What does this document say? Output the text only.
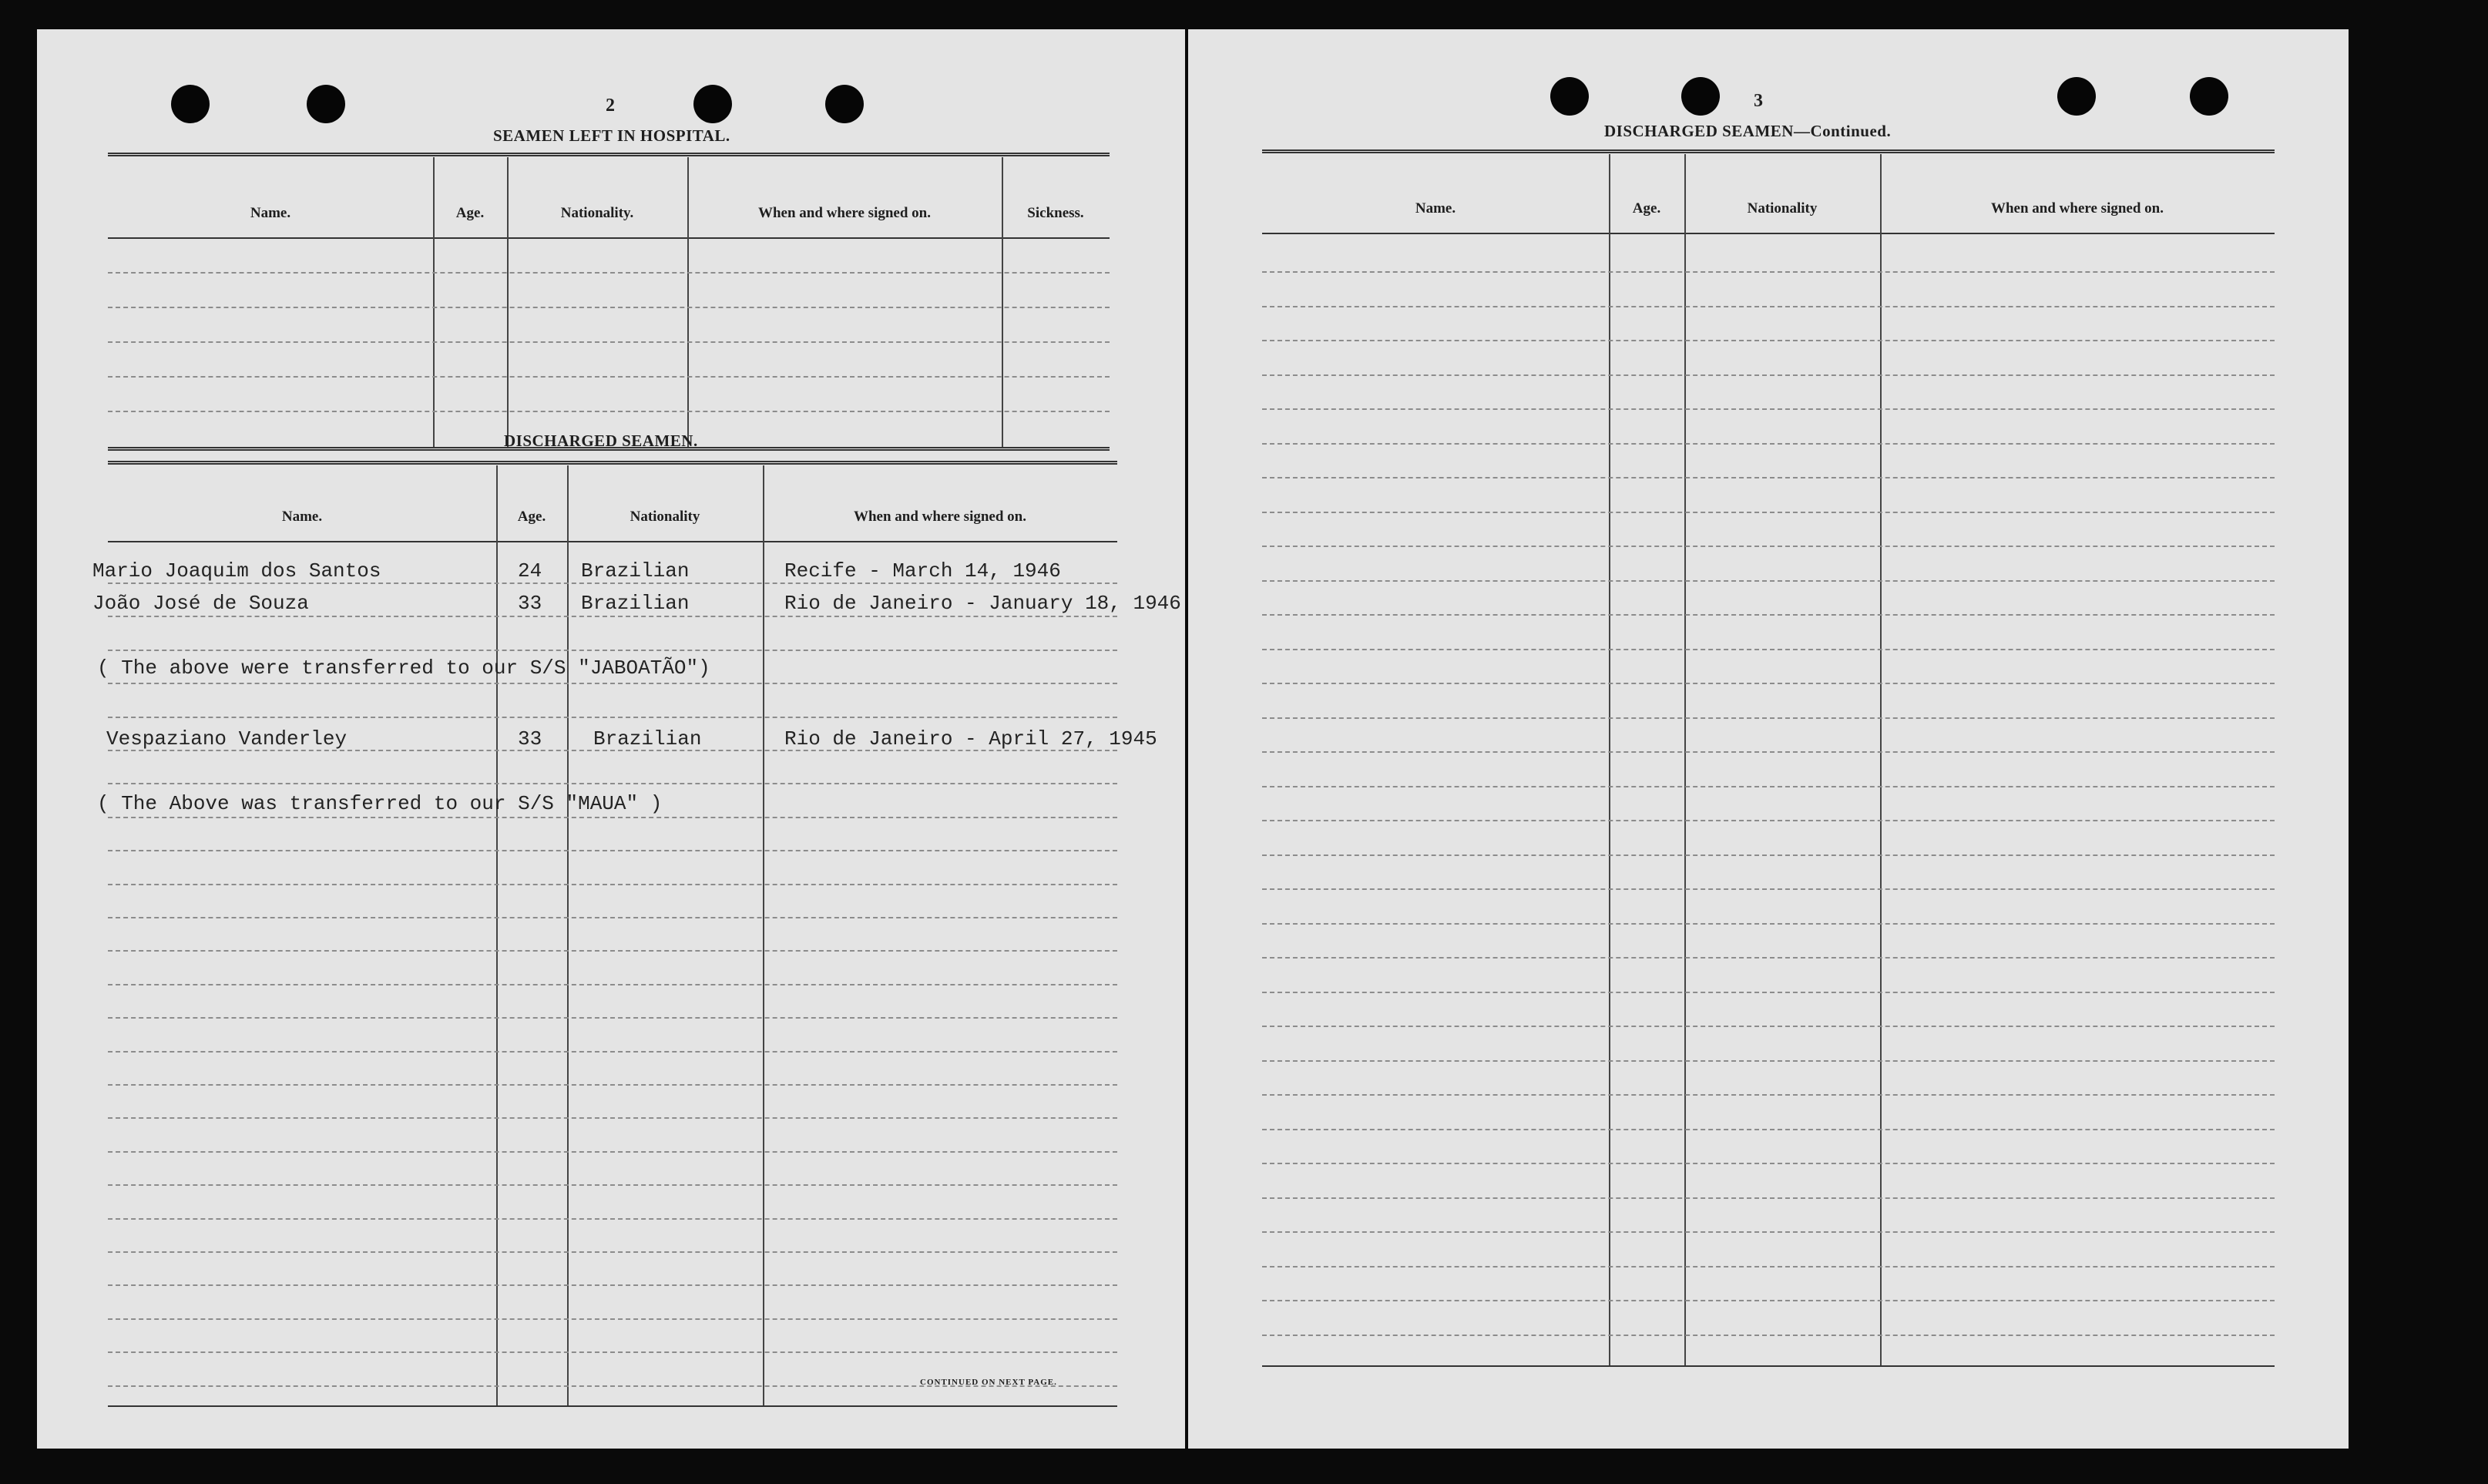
2
SEAMEN LEFT IN HOSPITAL.
Name.	Age.	Nationality.	When and where signed on.	Sickness.
DISCHARGED SEAMEN.
Name.	Age.	Nationality	When and where signed on.
Mario Joaquim dos Santos	24 Brazilian	Recife - March 14, 1946
João José de Souza	33 Brazilian	Rio de Janeiro - January 18, 1946
( The above were transferred to our S/S "JABOATÃO")
Vespaziano Vanderley	33	Brazilian	Rio de Janeiro - April 27, 1945
( The Above was transferred to our S/S "MAUA" )
CONTINUED ON NEXT PAGE.
3
DISCHARGED SEAMEN—Continued.
Name.	Age.	Nationality	When and where signed on.
